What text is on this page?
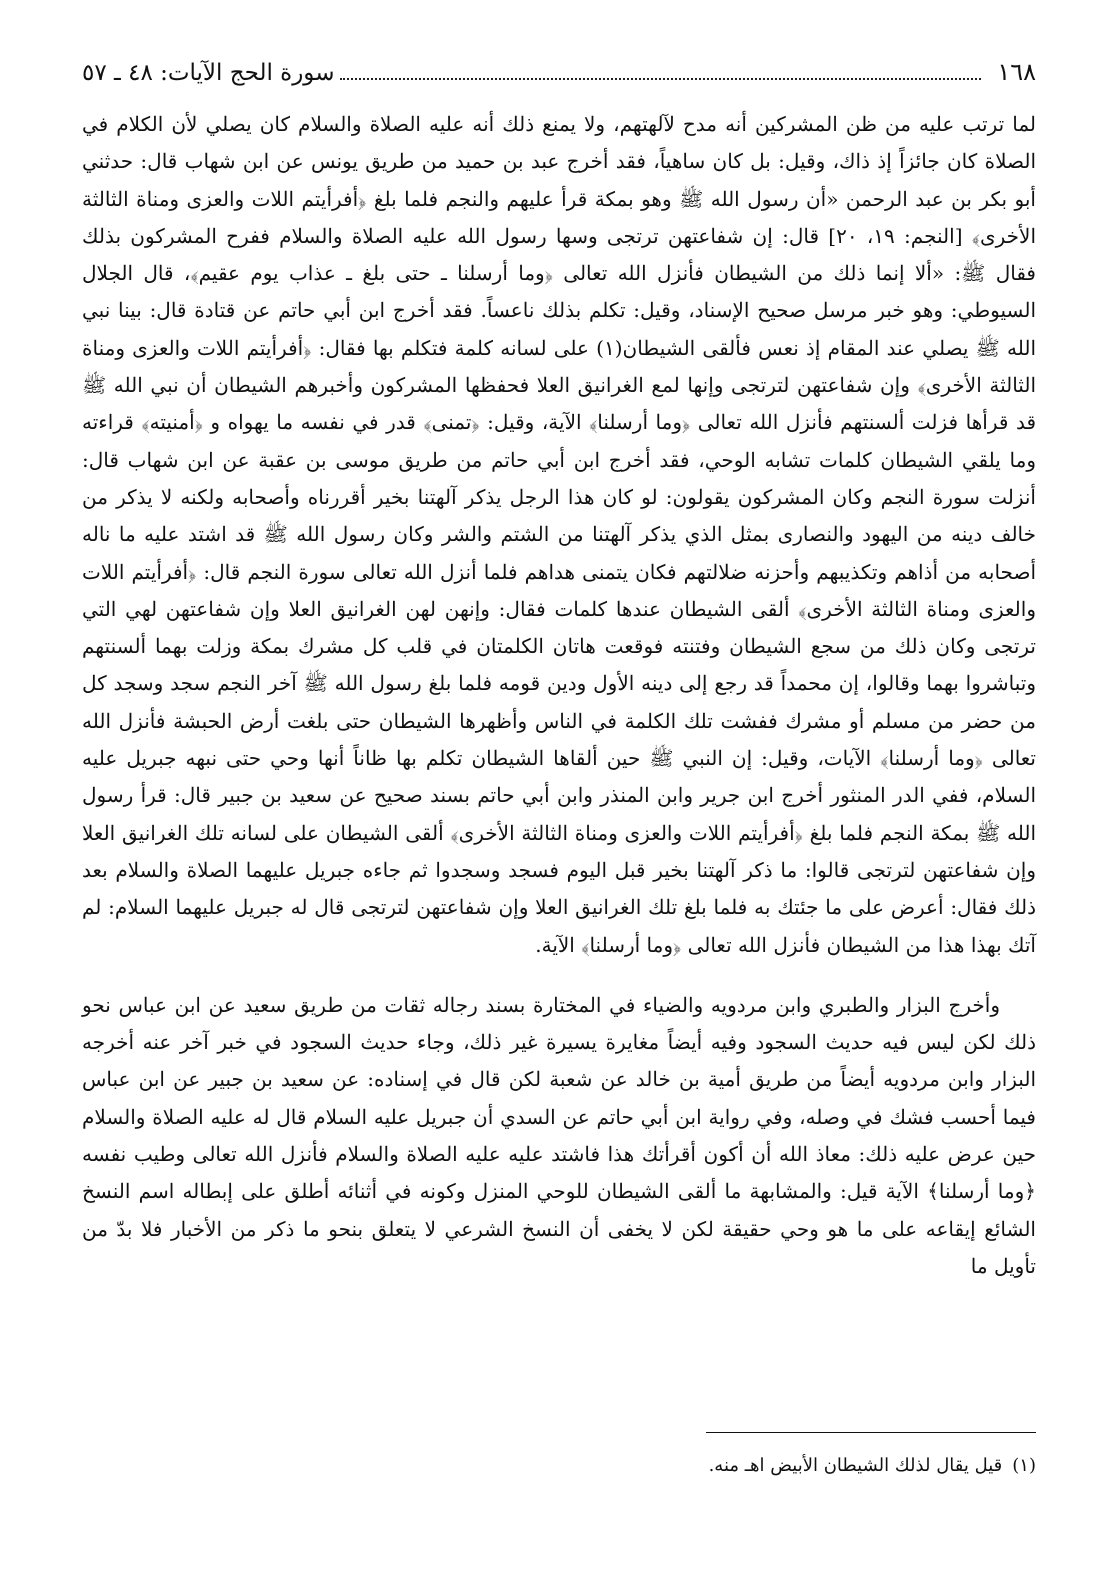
١٦٨
سورة الحج الآيات: ٤٨ ـ ٥٧

لما ترتب عليه من ظن المشركين أنه مدح لآلهتهم، ولا يمنع ذلك أنه عليه الصلاة والسلام كان يصلي لأن الكلام في الصلاة كان جائزاً إذ ذاك، وقيل: بل كان ساهياً، فقد أخرج عبد بن حميد من طريق يونس عن ابن شهاب قال: حدثني أبو بكر بن عبد الرحمن «أن رسول الله ﷺ وهو بمكة قرأ عليهم والنجم فلما بلغ ﴿أفرأيتم اللات والعزى ومناة الثالثة الأخرى﴾ [النجم: ١٩، ٢٠] قال: إن شفاعتهن ترتجى وسها رسول الله عليه الصلاة والسلام ففرح المشركون بذلك فقال ﷺ: «ألا إنما ذلك من الشيطان فأنزل الله تعالى ﴿وما أرسلنا ـ حتى بلغ ـ عذاب يوم عقيم﴾، قال الجلال السيوطي: وهو خبر مرسل صحيح الإسناد، وقيل: تكلم بذلك ناعساً. فقد أخرج ابن أبي حاتم عن قتادة قال: بينا نبي الله ﷺ يصلي عند المقام إذ نعس فألقى الشيطان(١) على لسانه كلمة فتكلم بها فقال: ﴿أفرأيتم اللات والعزى ومناة الثالثة الأخرى﴾ وإن شفاعتهن لترتجى وإنها لمع الغرانيق العلا فحفظها المشركون وأخبرهم الشيطان أن نبي الله ﷺ قد قرأها فزلت ألسنتهم فأنزل الله تعالى ﴿وما أرسلنا﴾ الآية، وقيل: ﴿تمنى﴾ قدر في نفسه ما يهواه و ﴿أمنيته﴾ قراءته وما يلقي الشيطان كلمات تشابه الوحي، فقد أخرج ابن أبي حاتم من طريق موسى بن عقبة عن ابن شهاب قال: أنزلت سورة النجم وكان المشركون يقولون: لو كان هذا الرجل يذكر آلهتنا بخير أقررناه وأصحابه ولكنه لا يذكر من خالف دينه من اليهود والنصارى بمثل الذي يذكر آلهتنا من الشتم والشر وكان رسول الله ﷺ قد اشتد عليه ما ناله أصحابه من أذاهم وتكذيبهم وأحزنه ضلالتهم فكان يتمنى هداهم فلما أنزل الله تعالى سورة النجم قال: ﴿أفرأيتم اللات والعزى ومناة الثالثة الأخرى﴾ ألقى الشيطان عندها كلمات فقال: وإنهن لهن الغرانيق العلا وإن شفاعتهن لهي التي ترتجى وكان ذلك من سجع الشيطان وفتنته فوقعت هاتان الكلمتان في قلب كل مشرك بمكة وزلت بهما ألسنتهم وتباشروا بهما وقالوا، إن محمداً قد رجع إلى دينه الأول ودين قومه فلما بلغ رسول الله ﷺ آخر النجم سجد وسجد كل من حضر من مسلم أو مشرك ففشت تلك الكلمة في الناس وأظهرها الشيطان حتى بلغت أرض الحبشة فأنزل الله تعالى ﴿وما أرسلنا﴾ الآيات، وقيل: إن النبي ﷺ حين ألقاها الشيطان تكلم بها ظاناً أنها وحي حتى نبهه جبريل عليه السلام، ففي الدر المنثور أخرج ابن جرير وابن المنذر وابن أبي حاتم بسند صحيح عن سعيد بن جبير قال: قرأ رسول الله ﷺ بمكة النجم فلما بلغ ﴿أفرأيتم اللات والعزى ومناة الثالثة الأخرى﴾ ألقى الشيطان على لسانه تلك الغرانيق العلا وإن شفاعتهن لترتجى قالوا: ما ذكر آلهتنا بخير قبل اليوم فسجد وسجدوا ثم جاءه جبريل عليهما الصلاة والسلام بعد ذلك فقال: أعرض على ما جئتك به فلما بلغ تلك الغرانيق العلا وإن شفاعتهن لترتجى قال له جبريل عليهما السلام: لم آتك بهذا هذا من الشيطان فأنزل الله تعالى ﴿وما أرسلنا﴾ الآية.

وأخرج البزار والطبري وابن مردويه والضياء في المختارة بسند رجاله ثقات من طريق سعيد عن ابن عباس نحو ذلك لكن ليس فيه حديث السجود وفيه أيضاً مغايرة يسيرة غير ذلك، وجاء حديث السجود في خبر آخر عنه أخرجه البزار وابن مردويه أيضاً من طريق أمية بن خالد عن شعبة لكن قال في إسناده: عن سعيد بن جبير عن ابن عباس فيما أحسب فشك في وصله، وفي رواية ابن أبي حاتم عن السدي أن جبريل عليه السلام قال له عليه الصلاة والسلام حين عرض عليه ذلك: معاذ الله أن أكون أقرأتك هذا فاشتد عليه عليه الصلاة والسلام فأنزل الله تعالى وطيب نفسه ﴿وما أرسلنا﴾ الآية قيل: والمشابهة ما ألقى الشيطان للوحي المنزل وكونه في أثنائه أطلق على إبطاله اسم النسخ الشائع إيقاعه على ما هو وحي حقيقة لكن لا يخفى أن النسخ الشرعي لا يتعلق بنحو ما ذكر من الأخبار فلا بدّ من تأويل ما

(١)
قيل يقال لذلك الشيطان الأبيض اهـ منه.
